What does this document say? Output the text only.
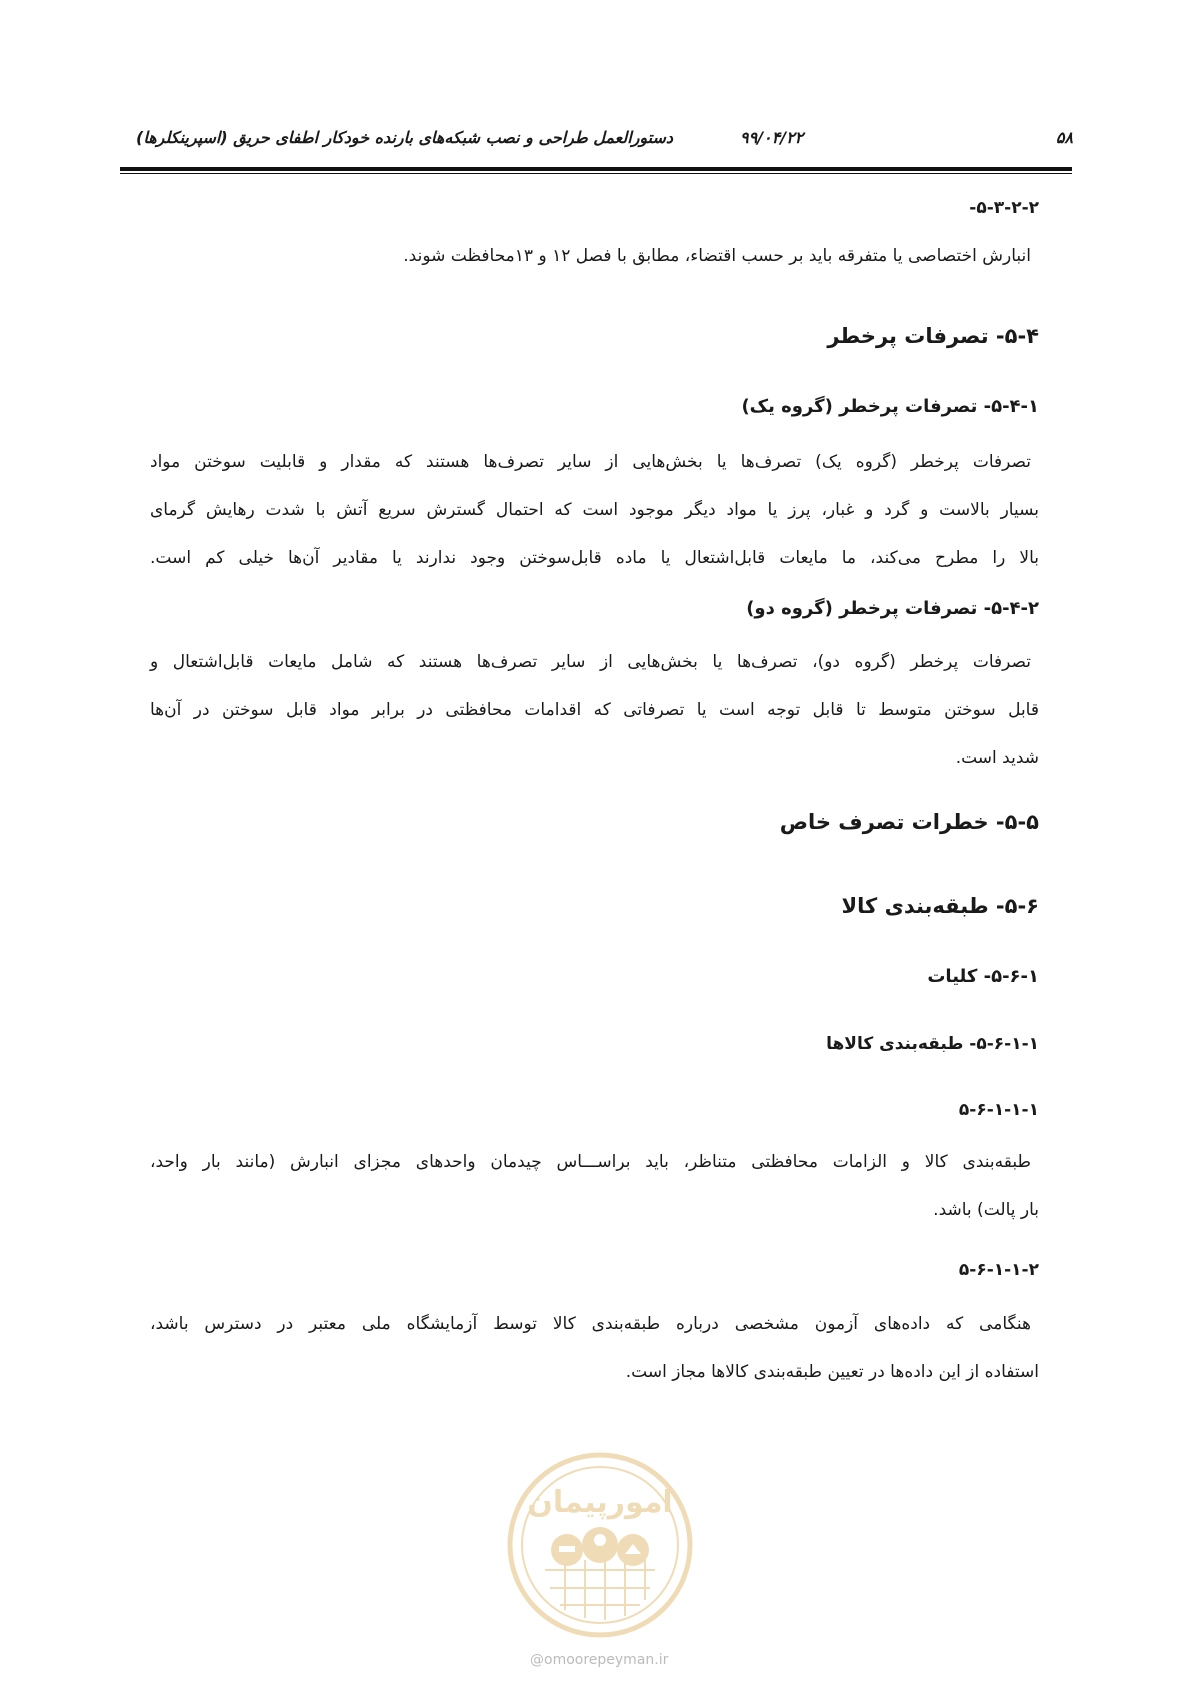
۵۸
۹۹/۰۴/۲۲
دستورالعمل طراحی و نصب شبکه‌های بارنده خودکار اطفای حریق (اسپرینکلرها)
۵-۳-۲-۲-
انبارش اختصاصی یا متفرقه باید بر حسب اقتضاء، مطابق با فصل ۱۲ و ۱۳محافظت شوند.
۵-۴- تصرفات پرخطر
۵-۴-۱- تصرفات پرخطر (گروه یک)
تصرفات پرخطر (گروه یک) تصرف‌ها یا بخش‌هایی از سایر تصرف‌ها هستند که مقدار و قابلیت سوختن مواد
بسیار بالاست و گرد و غبار، پرز یا مواد دیگر موجود است که احتمال گسترش سریع آتش با شدت رهایش گرمای
بالا را مطرح می‌کند، ما مایعات قابل‌اشتعال یا ماده قابل‌سوختن وجود ندارند یا مقادیر آن‌ها خیلی کم است.
۵-۴-۲- تصرفات پرخطر (گروه دو)
تصرفات پرخطر (گروه دو)، تصرف‌ها یا بخش‌هایی از سایر تصرف‌ها هستند که شامل مایعات قابل‌اشتعال و
قابل سوختن متوسط تا قابل توجه است یا تصرفاتی که اقدامات محافظتی در برابر مواد قابل سوختن در آن‌ها
شدید است.
۵-۵- خطرات تصرف خاص
۵-۶- طبقه‌بندی کالا
۵-۶-۱- کلیات
۵-۶-۱-۱- طبقه‌بندی کالاها
۵-۶-۱-۱-۱
طبقه‌بندی کالا و الزامات محافظتی متناظر، باید براســـاس چیدمان واحدهای مجزای انبارش (مانند بار واحد،
بار پالت) باشد.
۵-۶-۱-۱-۲
هنگامی که داده‌های آزمون مشخصی درباره طبقه‌بندی کالا توسط آزمایشگاه ملی معتبر در دسترس باشد،
استفاده از این داده‌ها در تعیین طبقه‌بندی کالاها مجاز است.
امورپیمان
@omoorepeyman.ir
